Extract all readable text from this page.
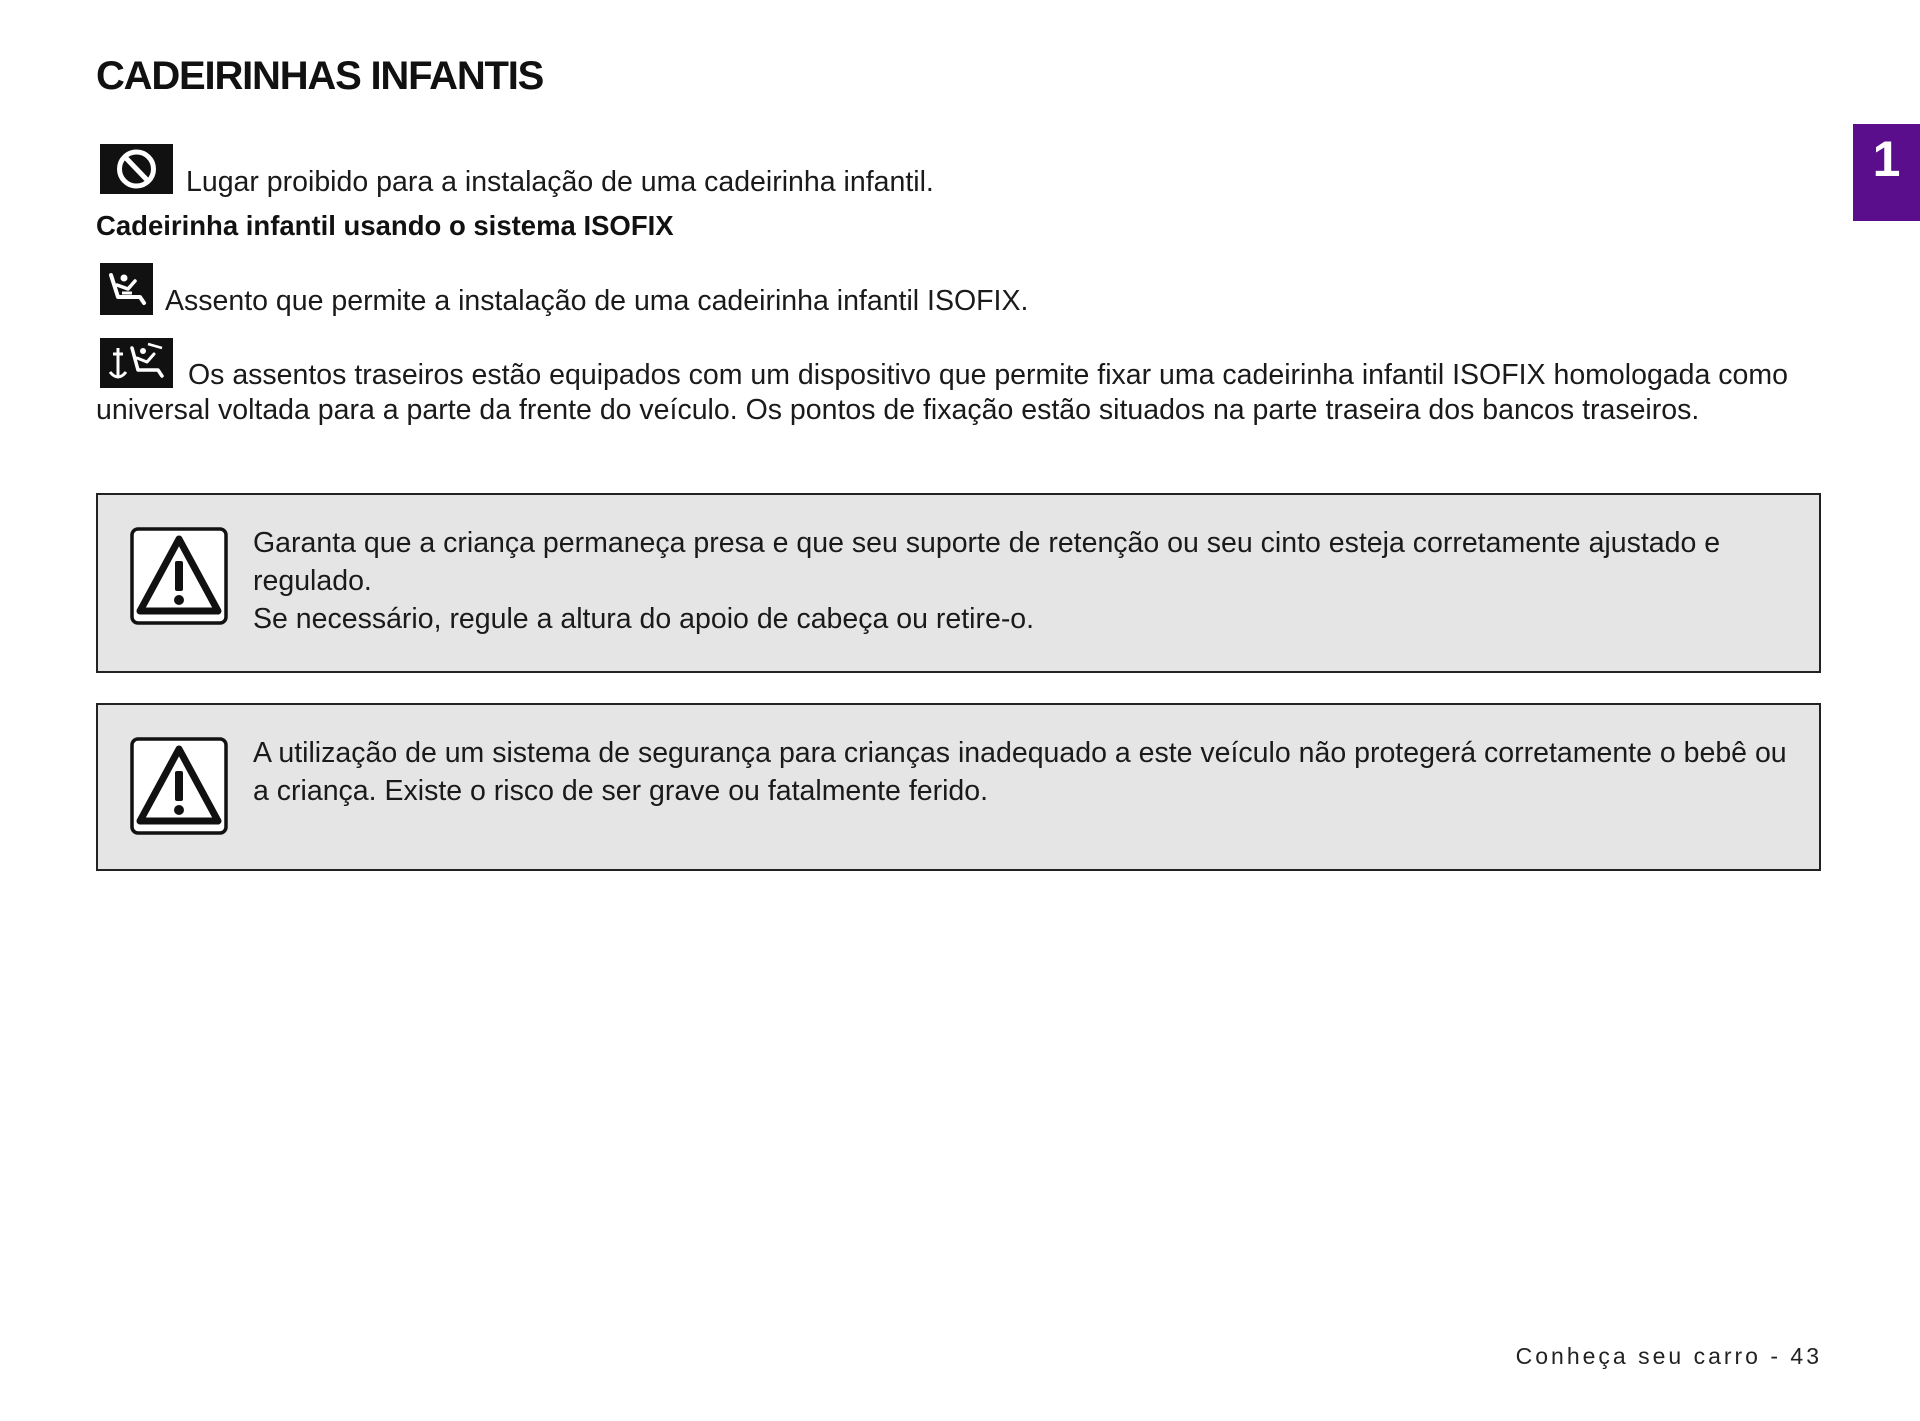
CADEIRINHAS INFANTIS
1
Lugar proibido para a instalação de uma cadeirinha infantil.
Cadeirinha infantil usando o sistema ISOFIX
Assento que permite a instalação de uma cadeirinha infantil ISOFIX.

Os assentos traseiros estão equipados com um dispositivo que permite fixar uma cadeirinha infantil ISOFIX homologada como universal voltada para a parte da frente do veículo. Os pontos de fixação estão situados na parte traseira dos bancos traseiros.

Garanta que a criança permaneça presa e que seu suporte de retenção ou seu cinto esteja corretamente ajustado e regulado.
Se necessário, regule a altura do apoio de cabeça ou retire-o.

A utilização de um sistema de segurança para crianças inadequado a este veículo não protegerá corretamente o bebê ou a criança. Existe o risco de ser grave ou fatalmente ferido.

Conheça seu carro - 43
